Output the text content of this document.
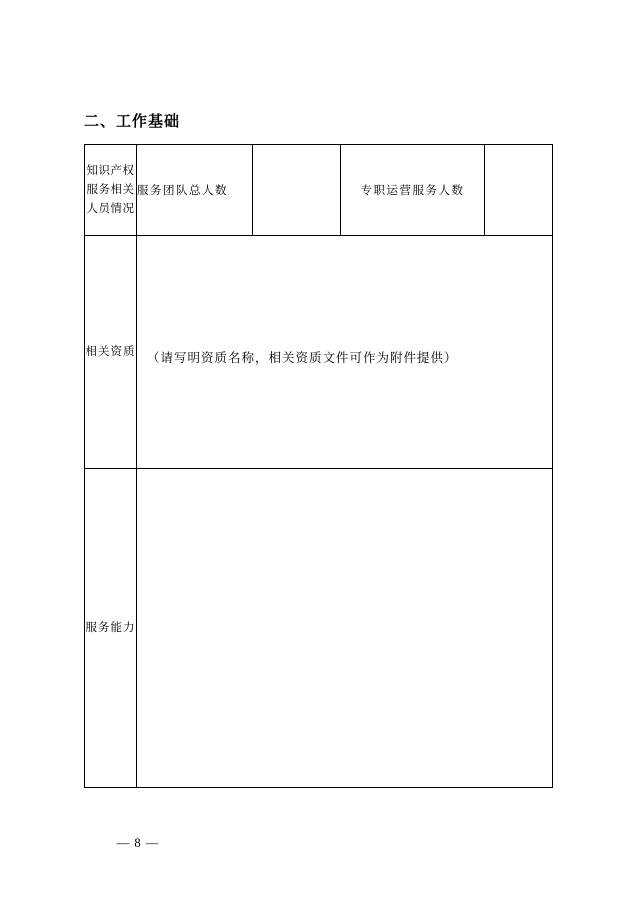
二、工作基础
知识产权服务相关人员情况	服务团队总人数		专职运营服务人数	
相关资质	（请写明资质名称，相关资质文件可作为附件提供）			

服务能力				
— 8 —
